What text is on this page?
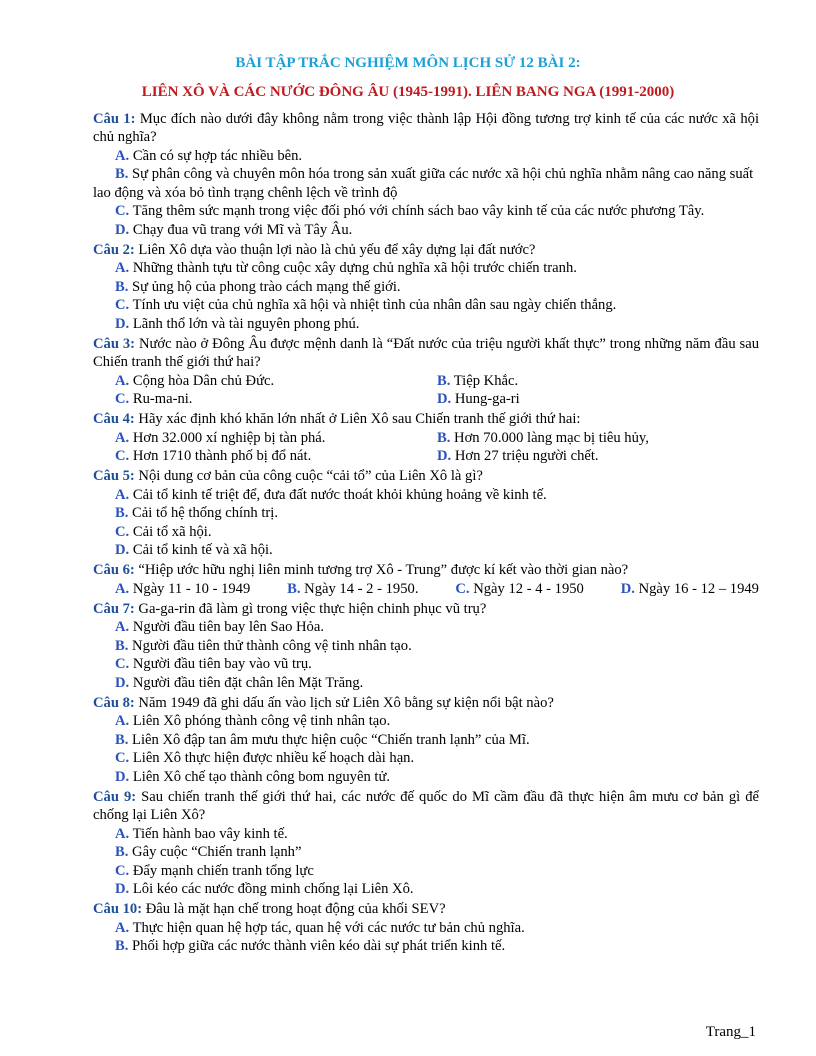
BÀI TẬP TRẮC NGHIỆM MÔN LỊCH SỬ 12 BÀI 2:
LIÊN XÔ VÀ CÁC NƯỚC ĐÔNG ÂU (1945-1991). LIÊN BANG NGA (1991-2000)
Câu 1: Mục đích nào dưới đây không nằm trong việc thành lập Hội đồng tương trợ kinh tế của các nước xã hội chủ nghĩa?
A. Cần có sự hợp tác nhiều bên.
B. Sự phân công và chuyên môn hóa trong sản xuất giữa các nước xã hội chủ nghĩa nhằm nâng cao năng suất lao động và xóa bỏ tình trạng chênh lệch về trình độ
C. Tăng thêm sức mạnh trong việc đối phó với chính sách bao vây kinh tế của các nước phương Tây.
D. Chạy đua vũ trang với Mĩ và Tây Âu.
Câu 2: Liên Xô dựa vào thuận lợi nào là chủ yếu để xây dựng lại đất nước?
A. Những thành tựu từ công cuộc xây dựng chủ nghĩa xã hội trước chiến tranh.
B. Sự ủng hộ của phong trào cách mạng thế giới.
C. Tính ưu việt của chủ nghĩa xã hội và nhiệt tình của nhân dân sau ngày chiến thắng.
D. Lãnh thổ lớn và tài nguyên phong phú.
Câu 3: Nước nào ở Đông Âu được mệnh danh là “Đất nước của triệu người khất thực” trong những năm đầu sau Chiến tranh thế giới thứ hai?
A. Cộng hòa Dân chủ Đức.	B. Tiệp Khắc.
C. Ru-ma-ni.	D. Hung-ga-ri
Câu 4: Hãy xác định khó khăn lớn nhất ở Liên Xô sau Chiến tranh thế giới thứ hai:
A. Hơn 32.000 xí nghiệp bị tàn phá.	B. Hơn 70.000 làng mạc bị tiêu hủy,
C. Hơn 1710 thành phố bị đổ nát.	D. Hơn 27 triệu người chết.
Câu 5: Nội dung cơ bản của công cuộc “cải tổ” của Liên Xô là gì?
A. Cải tổ kinh tế triệt để, đưa đất nước thoát khỏi khủng hoảng về kinh tế.
B. Cải tổ hệ thống chính trị.
C. Cải tổ xã hội.
D. Cải tổ kinh tế và xã hội.
Câu 6: “Hiệp ước hữu nghị liên minh tương trợ Xô - Trung” được kí kết vào thời gian nào?
A. Ngày 11 - 10 - 1949	B. Ngày 14 - 2 - 1950.	C. Ngày 12 - 4 - 1950	D. Ngày 16 - 12 – 1949
Câu 7: Ga-ga-rin đã làm gì trong việc thực hiện chinh phục vũ trụ?
A. Người đầu tiên bay lên Sao Hỏa.
B. Người đầu tiên thử thành công vệ tinh nhân tạo.
C. Người đầu tiên bay vào vũ trụ.
D. Người đầu tiên đặt chân lên Mặt Trăng.
Câu 8: Năm 1949 đã ghi dấu ấn vào lịch sử Liên Xô bằng sự kiện nổi bật nào?
A. Liên Xô phóng thành công vệ tinh nhân tạo.
B. Liên Xô đập tan âm mưu thực hiện cuộc “Chiến tranh lạnh” của Mĩ.
C. Liên Xô thực hiện được nhiều kế hoạch dài hạn.
D. Liên Xô chế tạo thành công bom nguyên tử.
Câu 9: Sau chiến tranh thế giới thứ hai, các nước đế quốc do Mĩ cầm đầu đã thực hiện âm mưu cơ bản gì để chống lại Liên Xô?
A. Tiến hành bao vây kinh tế.
B. Gây cuộc “Chiến tranh lạnh”
C. Đẩy mạnh chiến tranh tổng lực
D. Lôi kéo các nước đồng minh chống lại Liên Xô.
Câu 10: Đâu là mặt hạn chế trong hoạt động của khối SEV?
A. Thực hiện quan hệ hợp tác, quan hệ với các nước tư bản chủ nghĩa.
B. Phối hợp giữa các nước thành viên kéo dài sự phát triển kinh tế.
Trang_1
